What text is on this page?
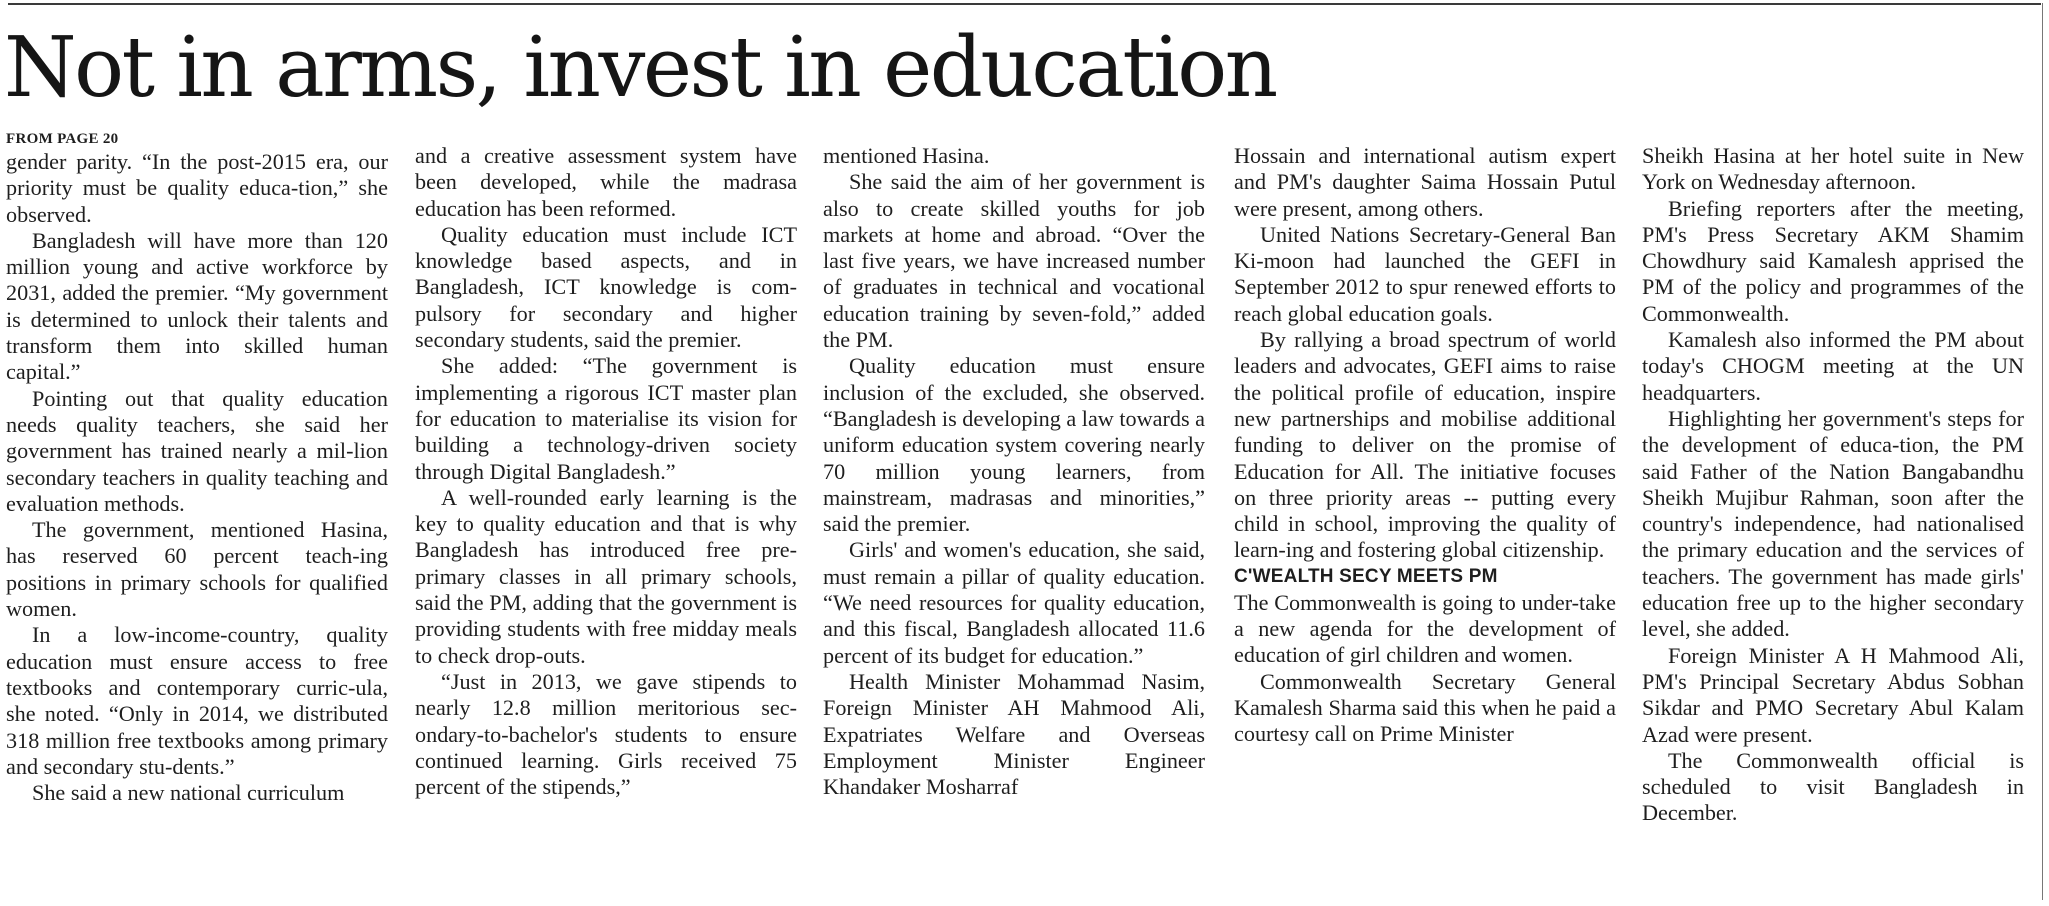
Not in arms, invest in education
FROM PAGE 20

gender parity. “In the post-2015 era, our priority must be quality educa-tion,” she observed.

Bangladesh will have more than 120 million young and active workforce by 2031, added the premier. “My government is determined to unlock their talents and transform them into skilled human capital.”

Pointing out that quality education needs quality teachers, she said her government has trained nearly a mil-lion secondary teachers in quality teaching and evaluation methods.

The government, mentioned Hasina, has reserved 60 percent teach-ing positions in primary schools for qualified women.

In a low-income-country, quality education must ensure access to free textbooks and contemporary curric-ula, she noted. “Only in 2014, we distributed 318 million free textbooks among primary and secondary stu-dents.”

She said a new national curriculum

and a creative assessment system have been developed, while the madrasa education has been reformed.

Quality education must include ICT knowledge based aspects, and in Bangladesh, ICT knowledge is com-pulsory for secondary and higher secondary students, said the premier.

She added: “The government is implementing a rigorous ICT master plan for education to materialise its vision for building a technology-driven society through Digital Bangladesh.”

A well-rounded early learning is the key to quality education and that is why Bangladesh has introduced free pre-primary classes in all primary schools, said the PM, adding that the government is providing students with free midday meals to check drop-outs.

“Just in 2013, we gave stipends to nearly 12.8 million meritorious sec-ondary-to-bachelor's students to ensure continued learning. Girls received 75 percent of the stipends,”

mentioned Hasina.

She said the aim of her government is also to create skilled youths for job markets at home and abroad. “Over the last five years, we have increased number of graduates in technical and vocational education training by seven-fold,” added the PM.

Quality education must ensure inclusion of the excluded, she observed. “Bangladesh is developing a law towards a uniform education system covering nearly 70 million young learners, from mainstream, madrasas and minorities,” said the premier.

Girls' and women's education, she said, must remain a pillar of quality education. “We need resources for quality education, and this fiscal, Bangladesh allocated 11.6 percent of its budget for education.”

Health Minister Mohammad Nasim, Foreign Minister AH Mahmood Ali, Expatriates Welfare and Overseas Employment Minister Engineer Khandaker Mosharraf

Hossain and international autism expert and PM's daughter Saima Hossain Putul were present, among others.

United Nations Secretary-General Ban Ki-moon had launched the GEFI in September 2012 to spur renewed efforts to reach global education goals.

By rallying a broad spectrum of world leaders and advocates, GEFI aims to raise the political profile of education, inspire new partnerships and mobilise additional funding to deliver on the promise of Education for All. The initiative focuses on three priority areas -- putting every child in school, improving the quality of learn-ing and fostering global citizenship.

C'WEALTH SECY MEETS PM

The Commonwealth is going to under-take a new agenda for the development of education of girl children and women.

Commonwealth Secretary General Kamalesh Sharma said this when he paid a courtesy call on Prime Minister

Sheikh Hasina at her hotel suite in New York on Wednesday afternoon.

Briefing reporters after the meeting, PM's Press Secretary AKM Shamim Chowdhury said Kamalesh apprised the PM of the policy and programmes of the Commonwealth.

Kamalesh also informed the PM about today's CHOGM meeting at the UN headquarters.

Highlighting her government's steps for the development of educa-tion, the PM said Father of the Nation Bangabandhu Sheikh Mujibur Rahman, soon after the country's independence, had nationalised the primary education and the services of teachers. The government has made girls' education free up to the higher secondary level, she added.

Foreign Minister A H Mahmood Ali, PM's Principal Secretary Abdus Sobhan Sikdar and PMO Secretary Abul Kalam Azad were present.

The Commonwealth official is scheduled to visit Bangladesh in December.
